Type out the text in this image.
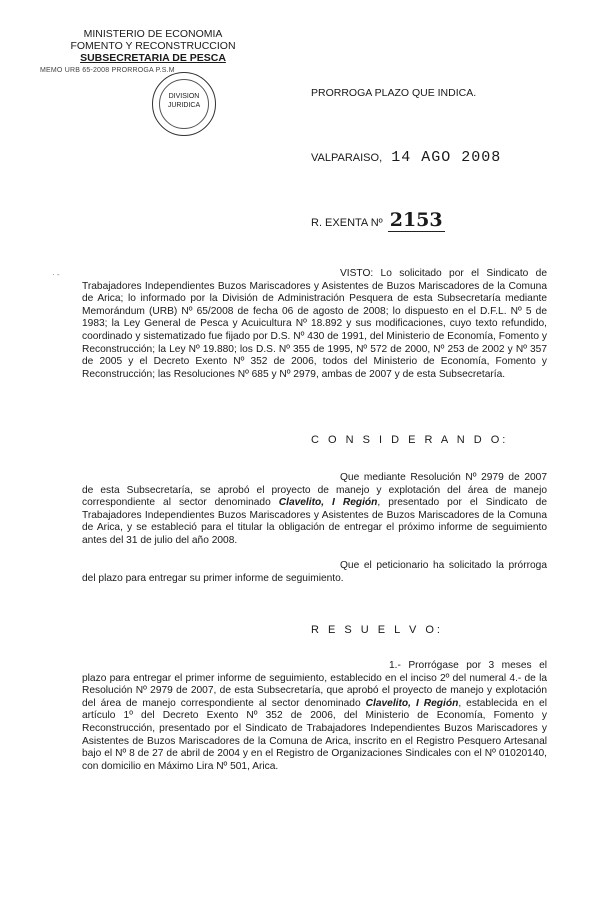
MINISTERIO DE ECONOMIA
FOMENTO Y RECONSTRUCCION
SUBSECRETARIA DE PESCA
MEMO URB 65-2008 PRORROGA P.S.M
DIVISION
JURIDICA
PRORROGA PLAZO QUE INDICA.
VALPARAISO, 14 AGO 2008
R. EXENTA Nº 2153
· -	VISTO: Lo solicitado por el Sindicato de Trabajadores Independientes Buzos Mariscadores y Asistentes de Buzos Mariscadores de la Comuna de Arica; lo informado por la División de Administración Pesquera de esta Subsecretaría mediante Memorándum (URB) Nº 65/2008 de fecha 06 de agosto de 2008; lo dispuesto en el D.F.L. Nº 5 de 1983; la Ley General de Pesca y Acuicultura Nº 18.892 y sus modificaciones, cuyo texto refundido, coordinado y sistematizado fue fijado por D.S. Nº 430 de 1991, del Ministerio de Economía, Fomento y Reconstrucción; la Ley Nº 19.880; los D.S. Nº 355 de 1995, Nº 572 de 2000, Nº 253 de 2002 y Nº 357 de 2005 y el Decreto Exento Nº 352 de 2006, todos del Ministerio de Economía, Fomento y Reconstrucción; las Resoluciones Nº 685 y Nº 2979, ambas de 2007 y de esta Subsecretaría.
C O N S I D E R A N D O:
Que mediante Resolución Nº 2979 de 2007 de esta Subsecretaría, se aprobó el proyecto de manejo y explotación del área de manejo correspondiente al sector denominado Clavelito, I Región, presentado por el Sindicato de Trabajadores Independientes Buzos Mariscadores y Asistentes de Buzos Mariscadores de la Comuna de Arica, y se estableció para el titular la obligación de entregar el próximo informe de seguimiento antes del 31 de julio del año 2008.
Que el peticionario ha solicitado la prórroga del plazo para entregar su primer informe de seguimiento.
R E S U E L V O:
1.- Prorrógase por 3 meses el plazo para entregar el primer informe de seguimiento, establecido en el inciso 2º del numeral 4.- de la Resolución Nº 2979 de 2007, de esta Subsecretaría, que aprobó el proyecto de manejo y explotación del área de manejo correspondiente al sector denominado Clavelito, I Región, establecida en el artículo 1º del Decreto Exento Nº 352 de 2006, del Ministerio de Economía, Fomento y Reconstrucción, presentado por el Sindicato de Trabajadores Independientes Buzos Mariscadores y Asistentes de Buzos Mariscadores de la Comuna de Arica, inscrito en el Registro Pesquero Artesanal bajo el Nº 8 de 27 de abril de 2004 y en el Registro de Organizaciones Sindicales con el Nº 01020140, con domicilio en Máximo Lira Nº 501, Arica.
